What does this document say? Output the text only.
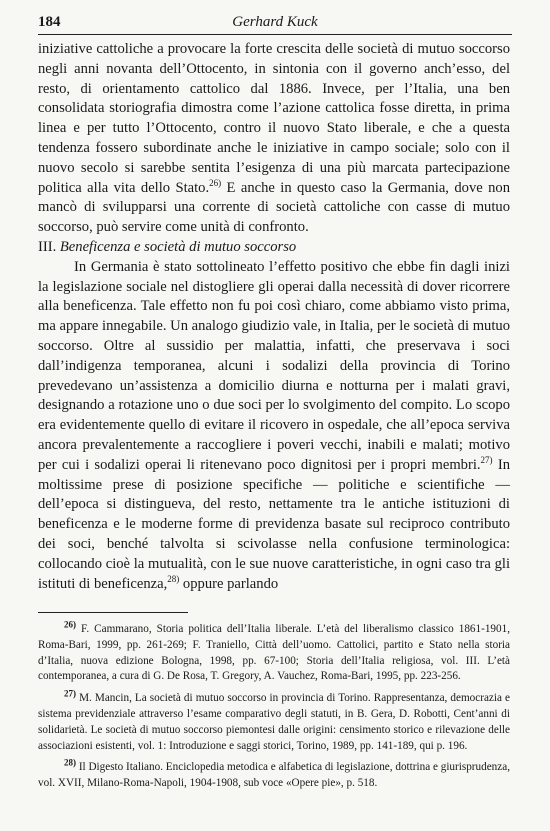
184	Gerhard Kuck

iniziative cattoliche a provocare la forte crescita delle società di mutuo soccorso negli anni novanta dell’Ottocento, in sintonia con il governo anch’esso, del resto, di orientamento cattolico dal 1886. Invece, per l’Italia, una ben consolidata storiografia dimostra come l’azione cattolica fosse diretta, in prima linea e per tutto l’Ottocento, contro il nuovo Stato liberale, e che a questa tendenza fossero subordinate anche le iniziative in campo sociale; solo con il nuovo secolo si sarebbe sentita l’esigenza di una più marcata partecipazione politica alla vita dello Stato.$^{26)}$ E anche in questo caso la Germania, dove non mancò di svilupparsi una corrente di società cattoliche con casse di mutuo soccorso, può servire come unità di confronto.

III. Beneficenza e società di mutuo soccorso

In Germania è stato sottolineato l’effetto positivo che ebbe fin dagli inizi la legislazione sociale nel distogliere gli operai dalla necessità di dover ricorrere alla beneficenza. Tale effetto non fu poi così chiaro, come abbiamo visto prima, ma appare innegabile. Un analogo giudizio vale, in Italia, per le società di mutuo soccorso. Oltre al sussidio per malattia, infatti, che preservava i soci dall’indigenza temporanea, alcuni i sodalizi della provincia di Torino prevedevano un’assistenza a domicilio diurna e notturna per i malati gravi, designando a rotazione uno o due soci per lo svolgimento del compito. Lo scopo era evidentemente quello di evitare il ricovero in ospedale, che all’epoca serviva ancora prevalentemente a raccogliere i poveri vecchi, inabili e malati; motivo per cui i sodalizi operai li ritenevano poco dignitosi per i propri membri.$^{27)}$ In moltissime prese di posizione specifiche — politiche e scientifiche — dell’epoca si distingueva, del resto, nettamente tra le antiche istituzioni di beneficenza e le moderne forme di previdenza basate sul reciproco contributo dei soci, benché talvolta si scivolasse nella confusione terminologica: collocando cioè la mutualità, con le sue nuove caratteristiche, in ogni caso tra gli istituti di beneficenza,$^{28)}$ oppure parlando

$^{26)}$ F. Cammarano, Storia politica dell’Italia liberale. L’età del liberalismo classico 1861-1901, Roma-Bari, 1999, pp. 261-269; F. Traniello, Città dell’uomo. Cattolici, partito e Stato nella storia d’Italia, nuova edizione Bologna, 1998, pp. 67-100; Storia dell’Italia religiosa, vol. III. L’età contemporanea, a cura di G. De Rosa, T. Gregory, A. Vauchez, Roma-Bari, 1995, pp. 223-256.

$^{27)}$ M. Mancin, La società di mutuo soccorso in provincia di Torino. Rappresentanza, democrazia e sistema previdenziale attraverso l’esame comparativo degli statuti, in B. Gera, D. Robotti, Cent’anni di solidarietà. Le società di mutuo soccorso piemontesi dalle origini: censimento storico e rilevazione delle associazioni esistenti, vol. 1: Introduzione e saggi storici, Torino, 1989, pp. 141-189, qui p. 196.

$^{28)}$ Il Digesto Italiano. Enciclopedia metodica e alfabetica di legislazione, dottrina e giurisprudenza, vol. XVII, Milano-Roma-Napoli, 1904-1908, sub voce «Opere pie», p. 518.
